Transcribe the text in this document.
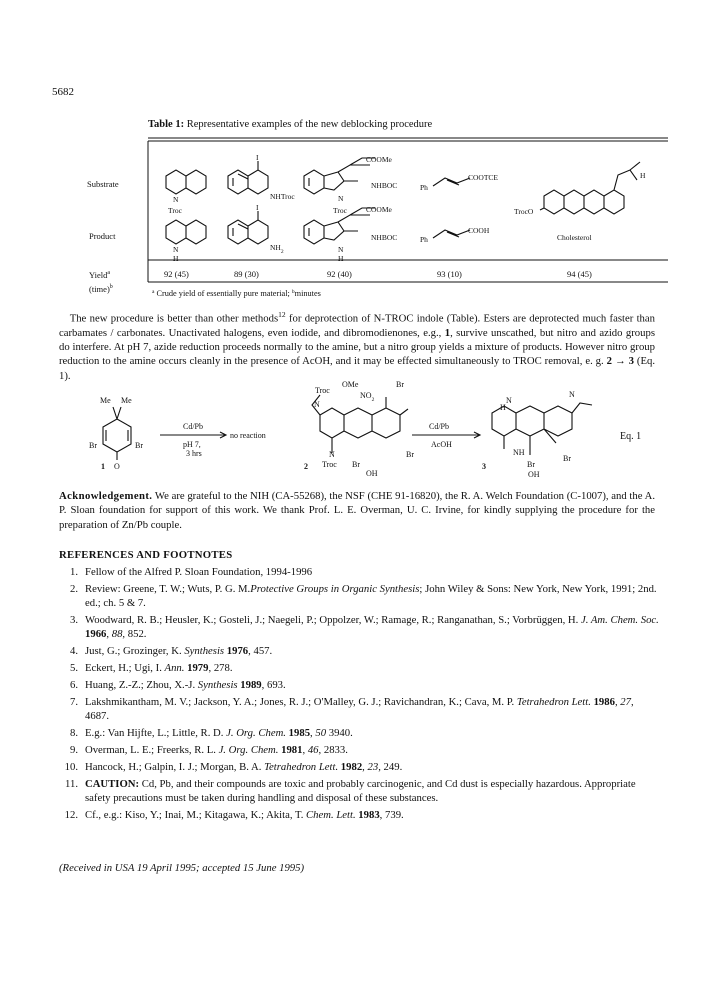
5682
Table 1: Representative examples of the new deblocking procedure
Substrate
Product
Yield$^a$
(time)$^b$
N
Troc
I
NHTroc
COOMe
NHBOC
N
Troc
Ph
COOTCE
TrocO
H
N
H
I
$NH_2$
COOMe
NHBOC
N
H
Ph
COOH
Cholesterol
92 (45)	89 (30)	92 (40)	93 (10)	94 (45)
$^a$ Crude yield of essentially pure material; $^b$minutes
 The new procedure is better than other methods$^{12}$ for deprotection of N-TROC indole (Table). Esters are deprotected much faster than carbamates / carbonates. Unactivated halogens, even iodide, and dibromodienones, e.g., 1, survive unscathed, but nitro and azido groups do interfere. At pH 7, azide reduction proceeds normally to the amine, but a nitro group yields a mixture of products. However nitro group reduction to the amine occurs cleanly in the presence of AcOH, and it may be effected simultaneously to TROC removal, e. g. 2 → 3 (Eq. 1).
Me Me
Br	Br
O
1
Cd/Pb
pH 7,
3 hrs
no reaction
OMe	Br
Troc
$NO_2$
N
N
Troc Br
OH
Br
2
Cd/Pb
AcOH
N
H
N
NH
Br
Br
OH
3
Eq. 1
Acknowledgement. We are grateful to the NIH (CA-55268), the NSF (CHE 91-16820), the R. A. Welch Foundation (C-1007), and the A. P. Sloan foundation for support of this work. We thank Prof. L. E. Overman, U. C. Irvine, for kindly supplying the procedure for the preparation of Zn/Pb couple.
REFERENCES AND FOOTNOTES
1. Fellow of the Alfred P. Sloan Foundation, 1994-1996
2. Review: Greene, T. W.; Wuts, P. G. M.Protective Groups in Organic Synthesis; John Wiley & Sons: New York, New York, 1991; 2nd. ed.; ch. 5 & 7.
3. Woodward, R. B.; Heusler, K.; Gosteli, J.; Naegeli, P.; Oppolzer, W.; Ramage, R.; Ranganathan, S.; Vorbrüggen, H. J. Am. Chem. Soc. 1966, 88, 852.
4. Just, G.; Grozinger, K. Synthesis 1976, 457.
5. Eckert, H.; Ugi, I. Ann. 1979, 278.
6. Huang, Z.-Z.; Zhou, X.-J. Synthesis 1989, 693.
7. Lakshmikantham, M. V.; Jackson, Y. A.; Jones, R. J.; O'Malley, G. J.; Ravichandran, K.; Cava, M. P. Tetrahedron Lett. 1986, 27, 4687.
8. E.g.: Van Hijfte, L.; Little, R. D. J. Org. Chem. 1985, 50 3940.
9. Overman, L. E.; Freerks, R. L. J. Org. Chem. 1981, 46, 2833.
10. Hancock, H.; Galpin, I. J.; Morgan, B. A. Tetrahedron Lett. 1982, 23, 249.
11. CAUTION: Cd, Pb, and their compounds are toxic and probably carcinogenic, and Cd dust is especially hazardous. Appropriate safety precautions must be taken during handling and disposal of these substances.
12. Cf., e.g.: Kiso, Y.; Inai, M.; Kitagawa, K.; Akita, T. Chem. Lett. 1983, 739.
(Received in USA 19 April 1995; accepted 15 June 1995)
